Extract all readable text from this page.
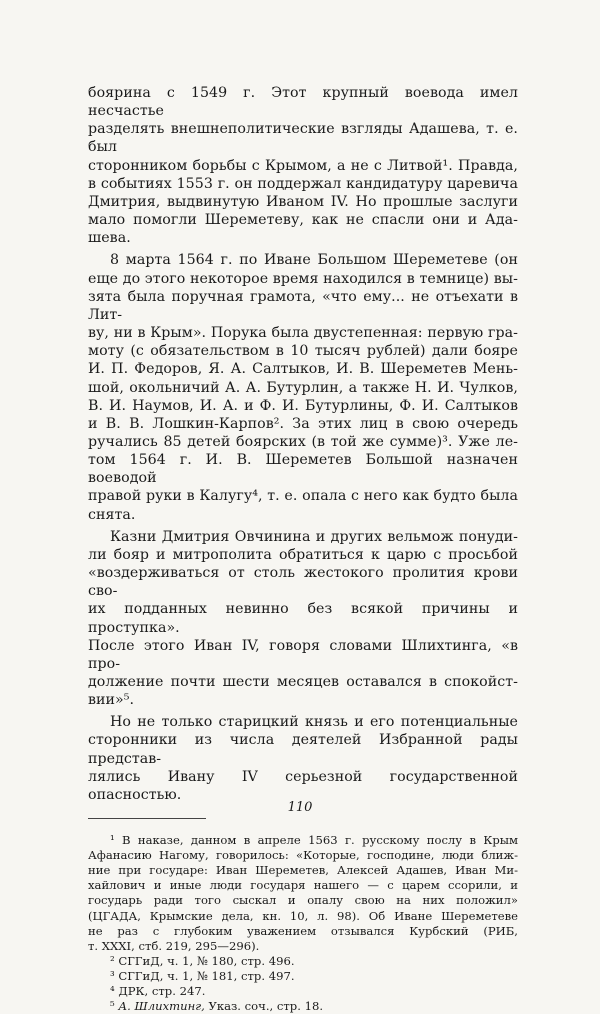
боярина с 1549 г. Этот крупный воевода имел несчастье
разделять внешнеполитические взгляды Адашева, т. е. был
сторонником борьбы с Крымом, а не с Литвой¹. Правда,
в событиях 1553 г. он поддержал кандидатуру царевича
Дмитрия, выдвинутую Иваном IV. Но прошлые заслуги
мало помогли Шереметеву, как не спасли они и Ада-
шева.

8 марта 1564 г. по Иване Большом Шереметеве (он
еще до этого некоторое время находился в темнице) вы-
зята была поручная грамота, «что ему... не отъехати в Лит-
ву, ни в Крым». Порука была двустепенная: первую гра-
моту (с обязательством в 10 тысяч рублей) дали бояре
И. П. Федоров, Я. А. Салтыков, И. В. Шереметев Мень-
шой, окольничий А. А. Бутурлин, а также Н. И. Чулков,
В. И. Наумов, И. А. и Ф. И. Бутурлины, Ф. И. Салтыков
и В. В. Лошкин-Карпов². За этих лиц в свою очередь
ручались 85 детей боярских (в той же сумме)³. Уже ле-
том 1564 г. И. В. Шереметев Большой назначен воеводой
правой руки в Калугу⁴, т. е. опала с него как будто была
снята.

Казни Дмитрия Овчинина и других вельмож понуди-
ли бояр и митрополита обратиться к царю с просьбой
«воздерживаться от столь жестокого пролития крови сво-
их подданных невинно без всякой причины и проступка».
После этого Иван IV, говоря словами Шлихтинга, «в про-
должение почти шести месяцев оставался в спокойст-
вии»⁵.

Но не только старицкий князь и его потенциальные
сторонники из числа деятелей Избранной рады представ-
лялись Ивану IV серьезной государственной опасностью.

¹ В наказе, данном в апреле 1563 г. русскому послу в Крым
Афанасию Нагому, говорилось: «Которые, господине, люди ближ-
ние при государе: Иван Шереметев, Алексей Адашев, Иван Ми-
хайлович и иные люди государя нашего — с царем ссорили, и
государь ради того сыскал и опалу свою на них положил»
(ЦГАДА, Крымские дела, кн. 10, л. 98). Об Иване Шереметеве
не раз с глубоким уважением отзывался Курбский (РИБ,
т. XXXI, стб. 219, 295—296).

² СГГиД, ч. 1, № 180, стр. 496.

³ СГГиД, ч. 1, № 181, стр. 497.

⁴ ДРК, стр. 247.

⁵ А. Шлихтинг, Указ. соч., стр. 18.

110
